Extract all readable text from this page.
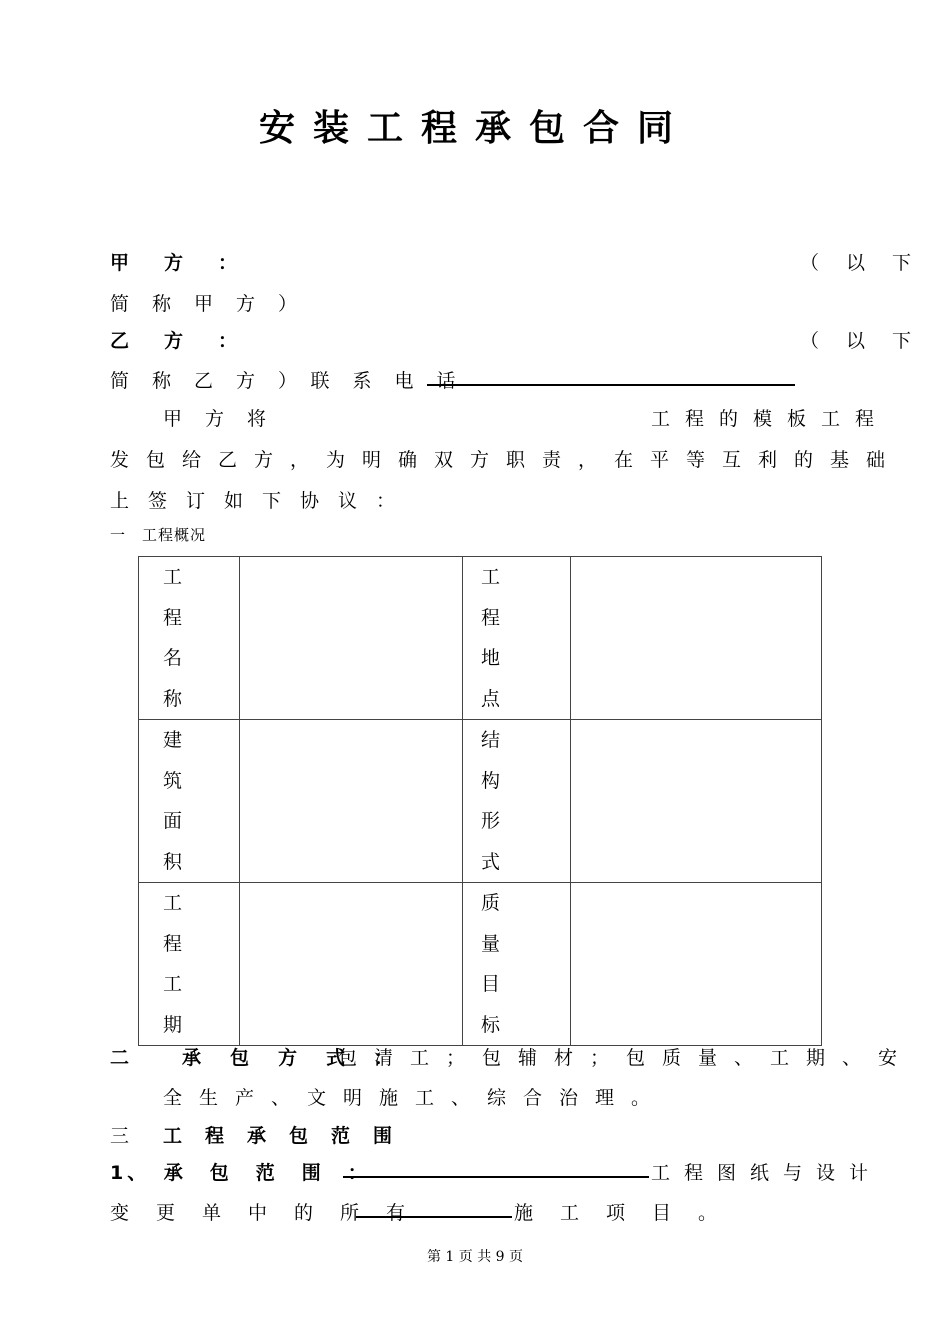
安装工程承包合同
甲　方　：	（　以　下
简　称　甲　方　）
乙　方　：	（　以　下
简　称　乙　方　）　联　系　电　话
甲　方　将	工程的模板工程
发包给乙方，为明确双方职责，在平等互利的基础
上　签　订　如　下　协　议　：
一　工程概况
工程名称		工　程 地　点	

建筑面积		结　构 形　式	

工程工期		质　量 目　标	

二　　承　包　方　式　：
包清工；包辅材；包质量、工期、安
全生产、文明施工、综合治理。
三 工　程　承　包　范　围
1、　承　包　范　围　：	工程图纸与设计
变　更　单　中　的　所　有	施　工　项　目　。
第 1 页 共 9 页
